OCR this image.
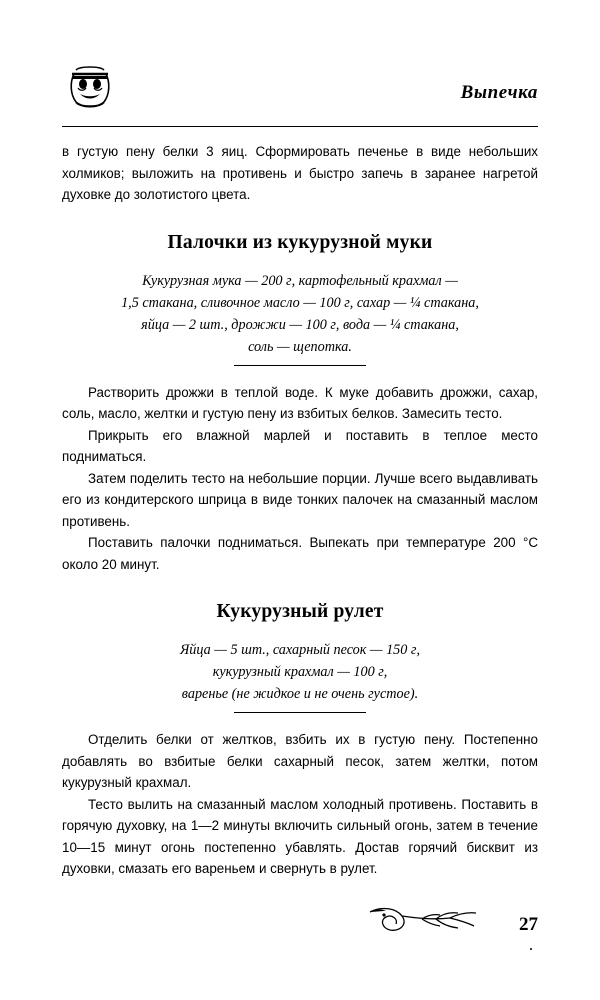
Выпечка

в густую пену белки 3 яиц. Сформировать печенье в виде небольших холмиков; выложить на противень и быстро запечь в заранее нагретой духовке до золотистого цвета.

Палочки из кукурузной муки
Кукурузная мука — 200 г, картофельный крахмал —
1,5 стакана, сливочное масло — 100 г, сахар — ¼ стакана,
яйца — 2 шт., дрожжи — 100 г, вода — ¼ стакана,
соль — щепотка.

Растворить дрожжи в теплой воде. К муке добавить дрожжи, сахар, соль, масло, желтки и густую пену из взбитых белков. Замесить тесто.

Прикрыть его влажной марлей и поставить в теплое место подниматься.

Затем поделить тесто на небольшие порции. Лучше всего выдавливать его из кондитерского шприца в виде тонких палочек на смазанный маслом противень.

Поставить палочки подниматься. Выпекать при температуре 200 °С около 20 минут.

Кукурузный рулет
Яйца — 5 шт., сахарный песок — 150 г,
кукурузный крахмал — 100 г,
варенье (не жидкое и не очень густое).

Отделить белки от желтков, взбить их в густую пену. Постепенно добавлять во взбитые белки сахарный песок, затем желтки, потом кукурузный крахмал.

Тесто вылить на смазанный маслом холодный противень. Поставить в горячую духовку, на 1—2 минуты включить сильный огонь, затем в течение 10—15 минут огонь постепенно убавлять. Достав горячий бисквит из духовки, смазать его вареньем и свернуть в рулет.

27
